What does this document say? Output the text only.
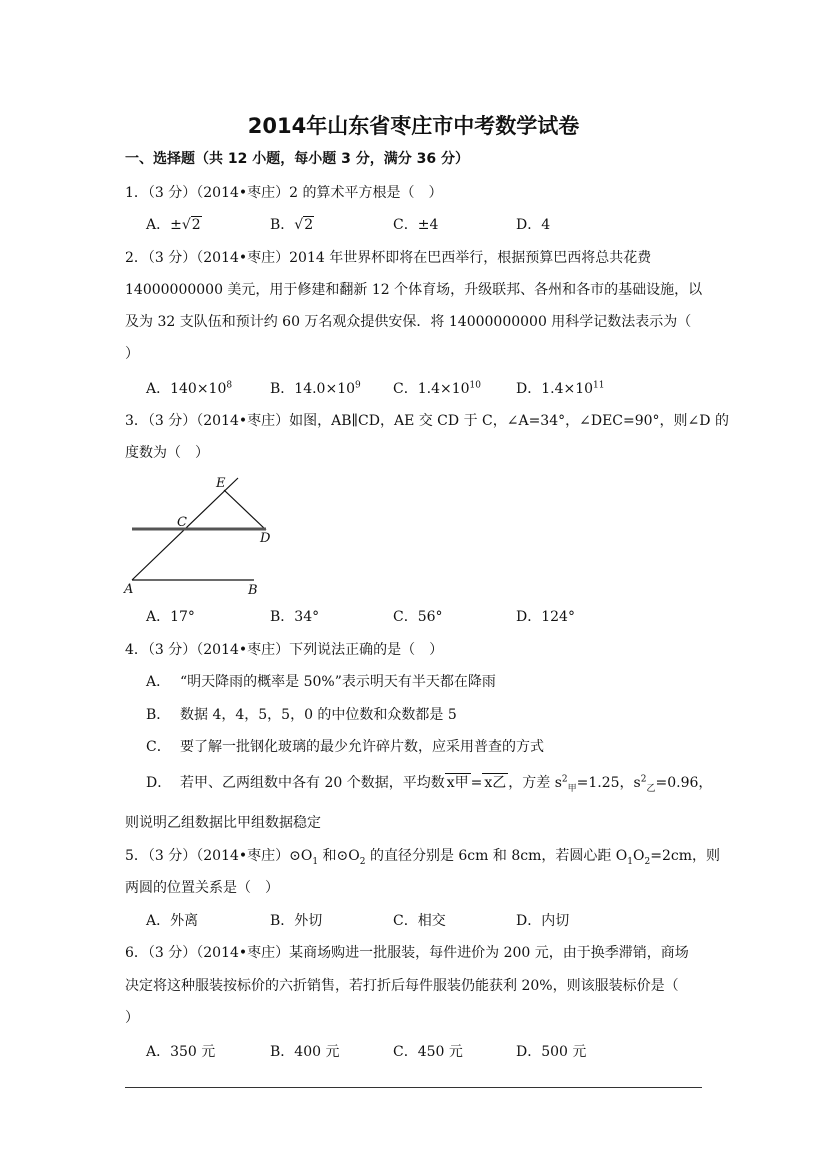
2014年山东省枣庄市中考数学试卷
一、选择题（共 12 小题，每小题 3 分，满分 36 分）
1．（3 分）（2014•枣庄）2 的算术平方根是（　）
A．±√2	B．√2	C．±4	D．4
2．（3 分）（2014•枣庄）2014 年世界杯即将在巴西举行，根据预算巴西将总共花费
14000000000 美元，用于修建和翻新 12 个体育场，升级联邦、各州和各市的基础设施，以
及为 32 支队伍和预计约 60 万名观众提供安保．将 14000000000 用科学记数法表示为（
）
A．$140\times 10^8$	B．$14.0\times 10^9$ C．$1.4\times 10^{10}$	D．$1.4\times 10^{11}$
3．（3 分）（2014•枣庄）如图，AB∥CD，AE 交 CD 于 C，∠A=34°，∠DEC=90°，则∠D 的
度数为（　）
E
C
D
A	B
A．17°	B．34°	C．56°	D．124°
4．（3 分）（2014•枣庄）下列说法正确的是（　）
A． “明天降雨的概率是 50%”表示明天有半天都在降雨
B． 数据 4，4，5，5，0 的中位数和众数都是 5
C． 要了解一批钢化玻璃的最少允许碎片数，应采用普查的方式
D． 若甲、乙两组数中各有 20 个数据，平均数 x甲 = x乙 ，方差 $s^2_甲=1.25$，$s^2_乙=0.96$，
则说明乙组数据比甲组数据稳定
5．（3 分）（2014•枣庄）$⊙O_1$ 和$⊙O_2$ 的直径分别是 6cm 和 8cm，若圆心距 $O_1O_2=2cm$，则
两圆的位置关系是（　）
A．外离	B．外切	C．相交	D．内切
6．（3 分）（2014•枣庄）某商场购进一批服装，每件进价为 200 元，由于换季滞销，商场
决定将这种服装按标价的六折销售，若打折后每件服装仍能获利 20%，则该服装标价是（
）
A．350 元	B．400 元	C．450 元	D．500 元
